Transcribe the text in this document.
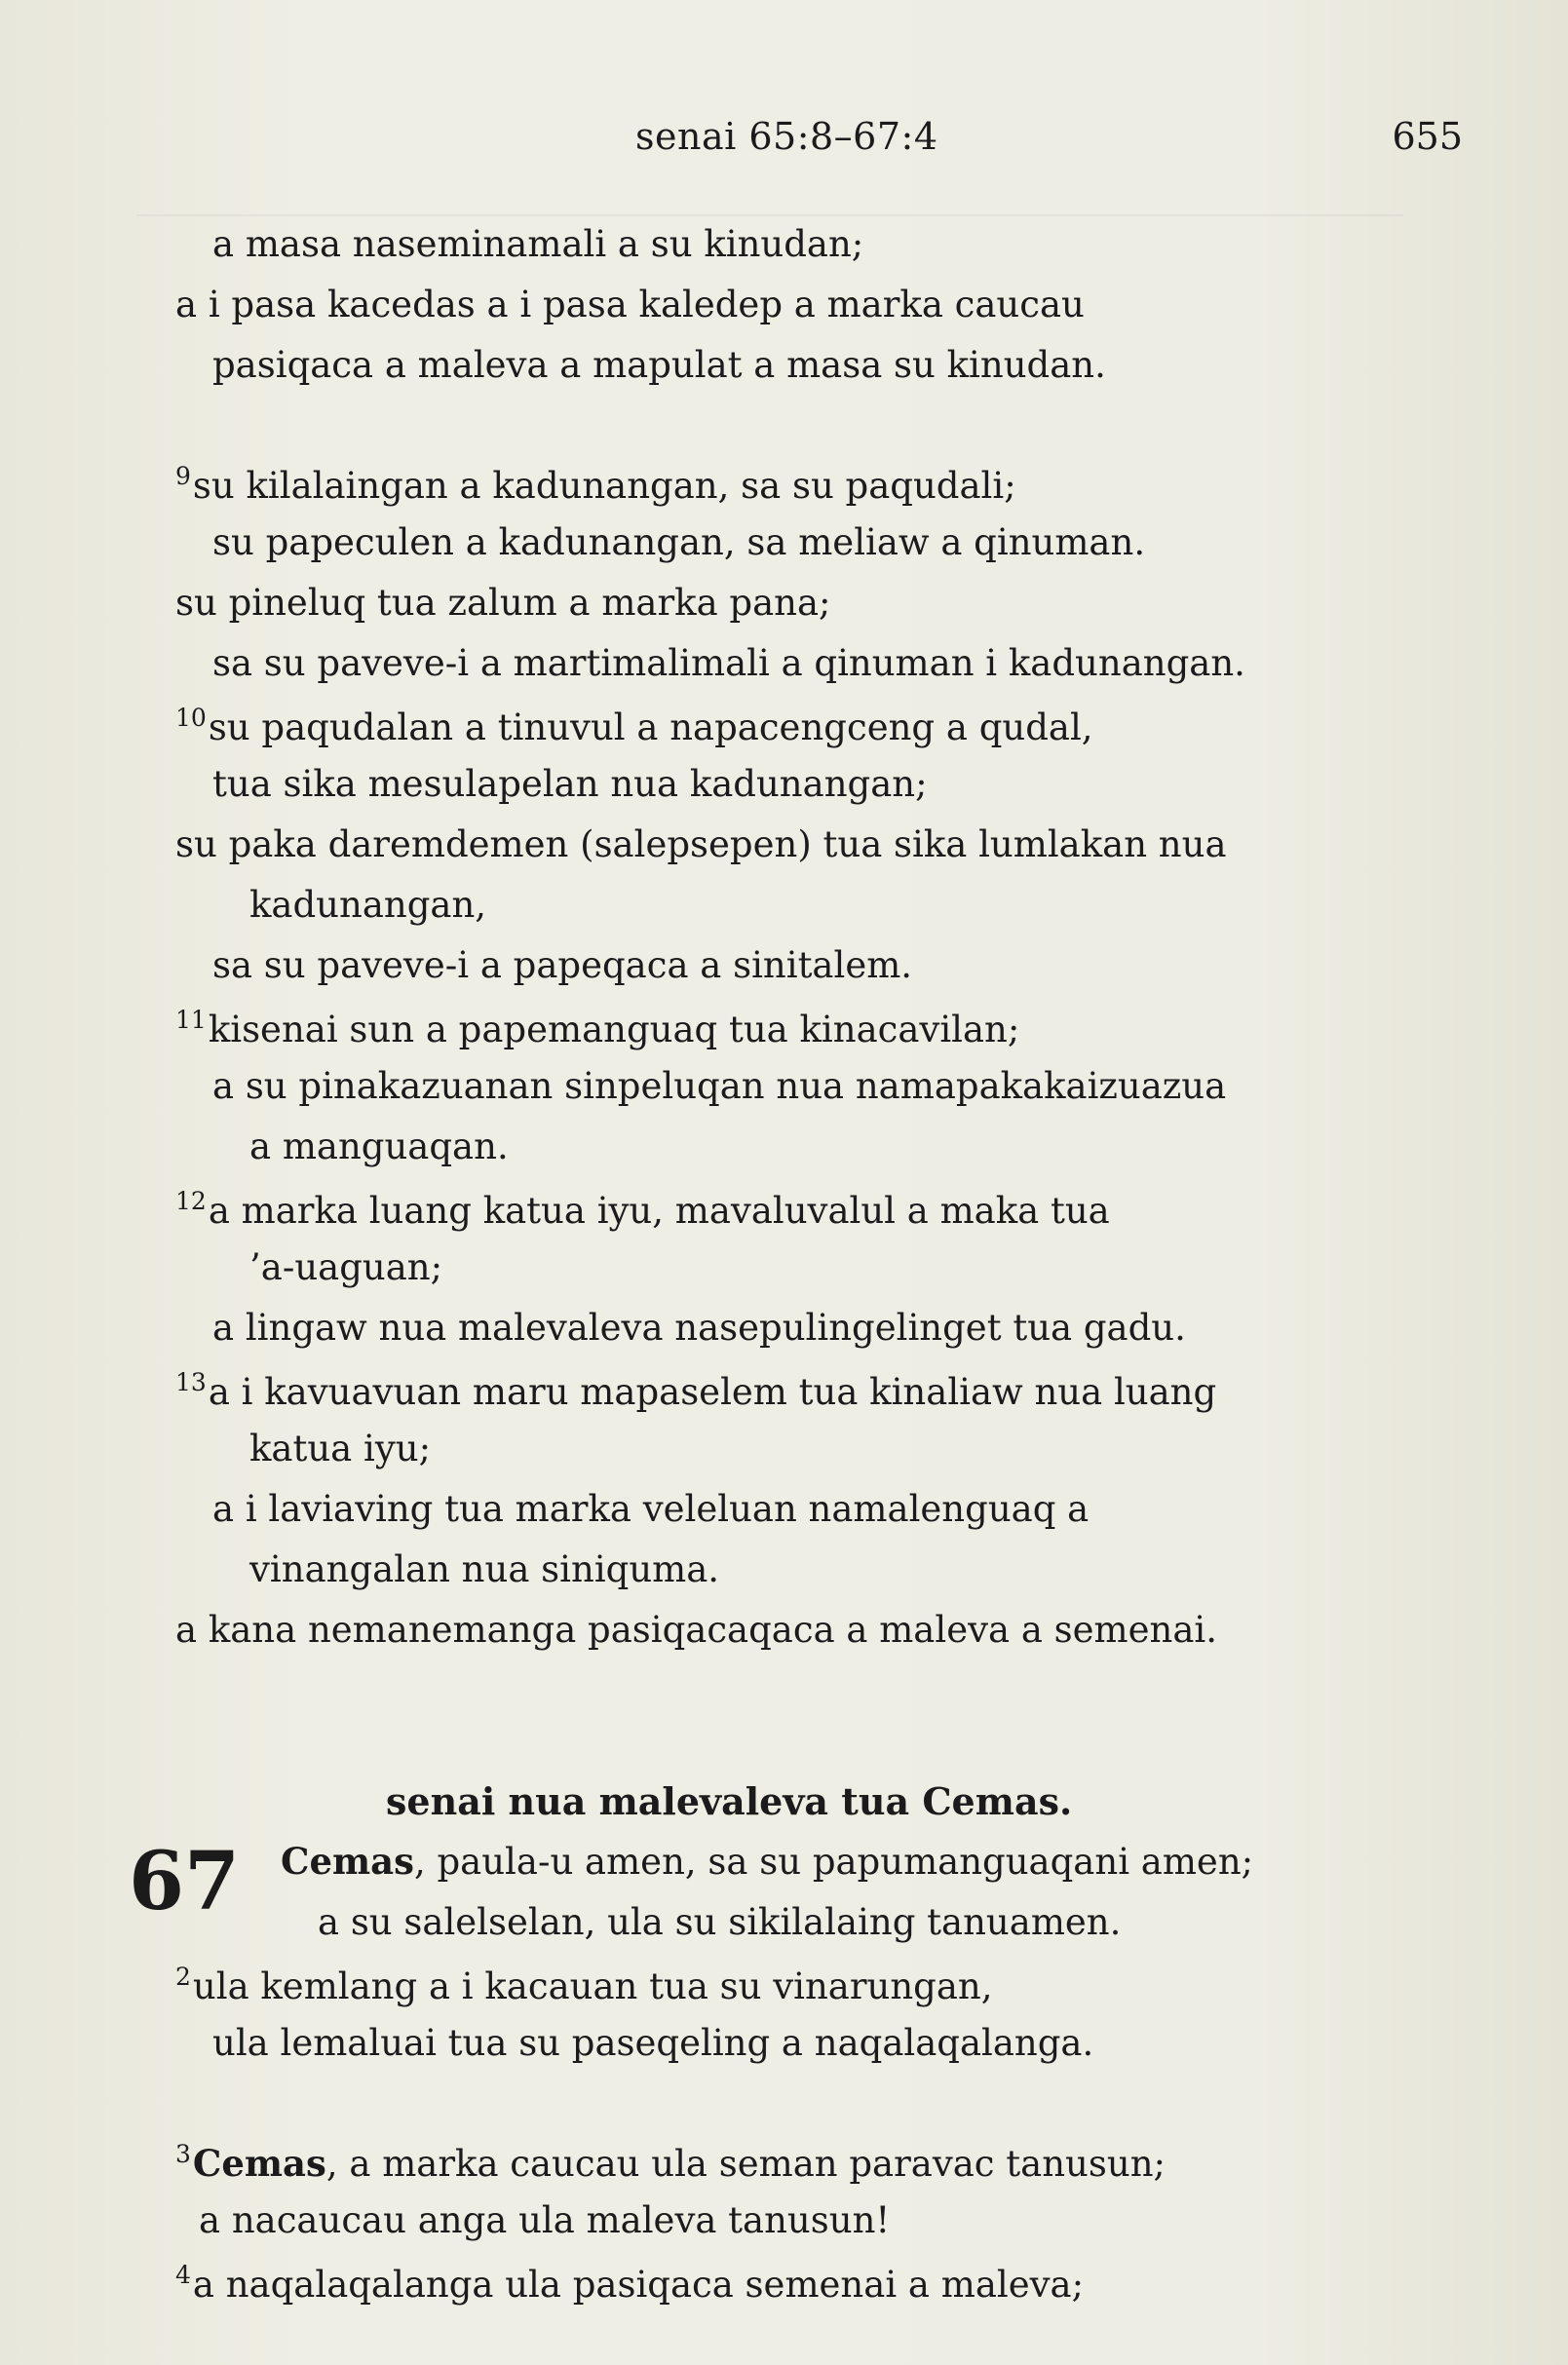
senai 65:8–67:4	655
a masa naseminamali a su kinudan;
a i pasa kacedas a i pasa kaledep a marka caucau
pasiqaca a maleva a mapulat a masa su kinudan.
$^9$su kilalaingan a kadunangan, sa su paqudali;
su papeculen a kadunangan, sa meliaw a qinuman.
su pineluq tua zalum a marka pana;
sa su paveve-i a martimalimali a qinuman i kadunangan.
$^{10}$su paqudalan a tinuvul a napacengceng a qudal,
tua sika mesulapelan nua kadunangan;
su paka daremdemen (salepsepen) tua sika lumlakan nua
kadunangan,
sa su paveve-i a papeqaca a sinitalem.
$^{11}$kisenai sun a papemanguaq tua kinacavilan;
a su pinakazuanan sinpeluqan nua namapakakaizuazua
a manguaqan.
$^{12}$a marka luang katua iyu, mavaluvalul a maka tua
’a-uaguan;
a lingaw nua malevaleva nasepulingelinget tua gadu.
$^{13}$a i kavuavuan maru mapaselem tua kinaliaw nua luang
katua iyu;
a i laviaving tua marka veleluan namalenguaq a
vinangalan nua siniquma.
a kana nemanemanga pasiqacaqaca a maleva a semenai.
senai nua malevaleva tua Cemas.
67 Cemas, paula-u amen, sa su papumanguaqani amen;
a su salelselan, ula su sikilalaing tanuamen.
$^2$ula kemlang a i kacauan tua su vinarungan,
ula lemaluai tua su paseqeling a naqalaqalanga.
$^3$Cemas, a marka caucau ula seman paravac tanusun;
a nacaucau anga ula maleva tanusun!
$^4$a naqalaqalanga ula pasiqaca semenai a maleva;
